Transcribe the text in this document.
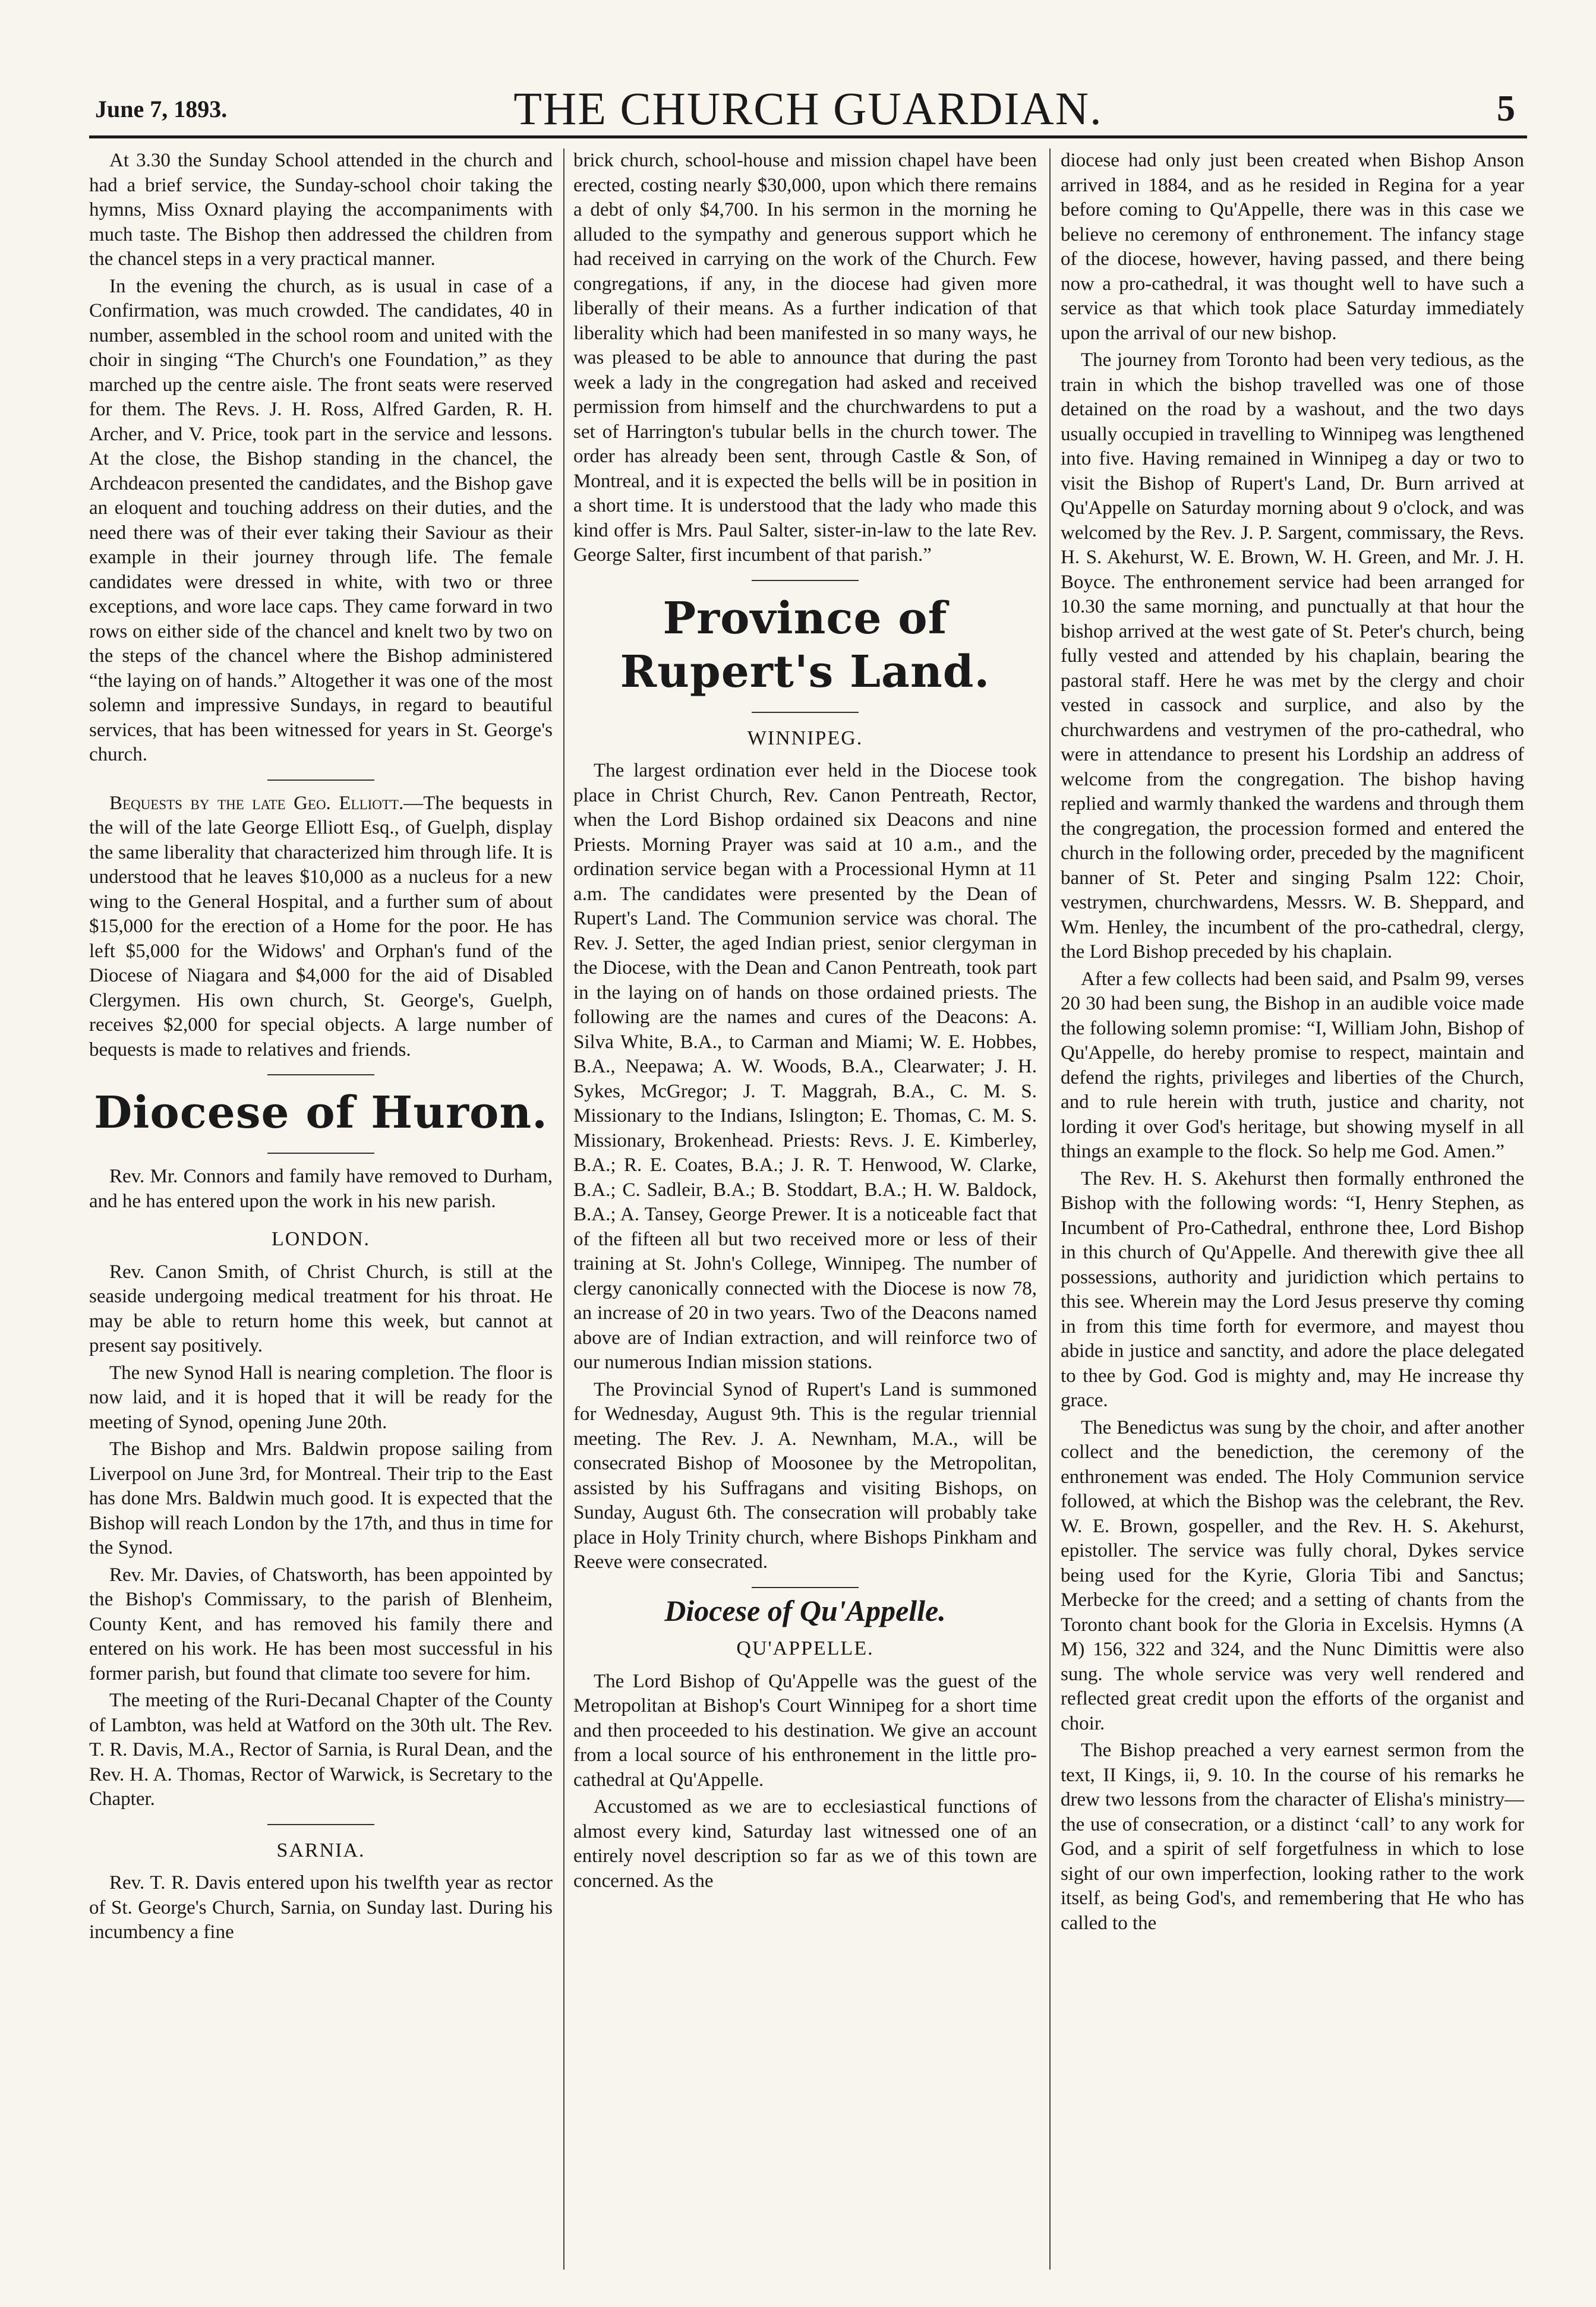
June 7, 1893.	THE CHURCH GUARDIAN.	5

At 3.30 the Sunday School attended in the church and had a brief service, the Sunday-school choir taking the hymns, Miss Oxnard playing the accompaniments with much taste. The Bishop then addressed the children from the chancel steps in a very practical manner.

In the evening the church, as is usual in case of a Confirmation, was much crowded. The candidates, 40 in number, assembled in the school room and united with the choir in singing “The Church's one Foundation,” as they marched up the centre aisle. The front seats were reserved for them. The Revs. J. H. Ross, Alfred Garden, R. H. Archer, and V. Price, took part in the service and lessons. At the close, the Bishop standing in the chancel, the Archdeacon presented the candidates, and the Bishop gave an eloquent and touching address on their duties, and the need there was of their ever taking their Saviour as their example in their journey through life. The female candidates were dressed in white, with two or three exceptions, and wore lace caps. They came forward in two rows on either side of the chancel and knelt two by two on the steps of the chancel where the Bishop administered “the laying on of hands.” Altogether it was one of the most solemn and impressive Sundays, in regard to beautiful services, that has been witnessed for years in St. George's church.

Bequests by the late Geo. Elliott.—The bequests in the will of the late George Elliott Esq., of Guelph, display the same liberality that characterized him through life. It is understood that he leaves $10,000 as a nucleus for a new wing to the General Hospital, and a further sum of about $15,000 for the erection of a Home for the poor. He has left $5,000 for the Widows' and Orphan's fund of the Diocese of Niagara and $4,000 for the aid of Disabled Clergymen. His own church, St. George's, Guelph, receives $2,000 for special objects. A large number of bequests is made to relatives and friends.

Diocese of Huron.

Rev. Mr. Connors and family have removed to Durham, and he has entered upon the work in his new parish.

LONDON.

Rev. Canon Smith, of Christ Church, is still at the seaside undergoing medical treatment for his throat. He may be able to return home this week, but cannot at present say positively.

The new Synod Hall is nearing completion. The floor is now laid, and it is hoped that it will be ready for the meeting of Synod, opening June 20th.

The Bishop and Mrs. Baldwin propose sailing from Liverpool on June 3rd, for Montreal. Their trip to the East has done Mrs. Baldwin much good. It is expected that the Bishop will reach London by the 17th, and thus in time for the Synod.

Rev. Mr. Davies, of Chatsworth, has been appointed by the Bishop's Commissary, to the parish of Blenheim, County Kent, and has removed his family there and entered on his work. He has been most successful in his former parish, but found that climate too severe for him.

The meeting of the Ruri-Decanal Chapter of the County of Lambton, was held at Watford on the 30th ult. The Rev. T. R. Davis, M.A., Rector of Sarnia, is Rural Dean, and the Rev. H. A. Thomas, Rector of Warwick, is Secretary to the Chapter.

SARNIA.

Rev. T. R. Davis entered upon his twelfth year as rector of St. George's Church, Sarnia, on Sunday last. During his incumbency a fine

brick church, school-house and mission chapel have been erected, costing nearly $30,000, upon which there remains a debt of only $4,700. In his sermon in the morning he alluded to the sympathy and generous support which he had received in carrying on the work of the Church. Few congregations, if any, in the diocese had given more liberally of their means. As a further indication of that liberality which had been manifested in so many ways, he was pleased to be able to announce that during the past week a lady in the congregation had asked and received permission from himself and the churchwardens to put a set of Harrington's tubular bells in the church tower. The order has already been sent, through Castle & Son, of Montreal, and it is expected the bells will be in position in a short time. It is understood that the lady who made this kind offer is Mrs. Paul Salter, sister-in-law to the late Rev. George Salter, first incumbent of that parish.”

Province of Rupert's Land.
WINNIPEG.

The largest ordination ever held in the Diocese took place in Christ Church, Rev. Canon Pentreath, Rector, when the Lord Bishop ordained six Deacons and nine Priests. Morning Prayer was said at 10 a.m., and the ordination service began with a Processional Hymn at 11 a.m. The candidates were presented by the Dean of Rupert's Land. The Communion service was choral. The Rev. J. Setter, the aged Indian priest, senior clergyman in the Diocese, with the Dean and Canon Pentreath, took part in the laying on of hands on those ordained priests. The following are the names and cures of the Deacons: A. Silva White, B.A., to Carman and Miami; W. E. Hobbes, B.A., Neepawa; A. W. Woods, B.A., Clearwater; J. H. Sykes, McGregor; J. T. Maggrah, B.A., C. M. S. Missionary to the Indians, Islington; E. Thomas, C. M. S. Missionary, Brokenhead. Priests: Revs. J. E. Kimberley, B.A.; R. E. Coates, B.A.; J. R. T. Henwood, W. Clarke, B.A.; C. Sadleir, B.A.; B. Stoddart, B.A.; H. W. Baldock, B.A.; A. Tansey, George Prewer. It is a noticeable fact that of the fifteen all but two received more or less of their training at St. John's College, Winnipeg. The number of clergy canonically connected with the Diocese is now 78, an increase of 20 in two years. Two of the Deacons named above are of Indian extraction, and will reinforce two of our numerous Indian mission stations.

The Provincial Synod of Rupert's Land is summoned for Wednesday, August 9th. This is the regular triennial meeting. The Rev. J. A. Newnham, M.A., will be consecrated Bishop of Moosonee by the Metropolitan, assisted by his Suffragans and visiting Bishops, on Sunday, August 6th. The consecration will probably take place in Holy Trinity church, where Bishops Pinkham and Reeve were consecrated.

Diocese of Qu'Appelle.
QU'APPELLE.

The Lord Bishop of Qu'Appelle was the guest of the Metropolitan at Bishop's Court Winnipeg for a short time and then proceeded to his destination. We give an account from a local source of his enthronement in the little pro-cathedral at Qu'Appelle.

Accustomed as we are to ecclesiastical functions of almost every kind, Saturday last witnessed one of an entirely novel description so far as we of this town are concerned. As the

diocese had only just been created when Bishop Anson arrived in 1884, and as he resided in Regina for a year before coming to Qu'Appelle, there was in this case we believe no ceremony of enthronement. The infancy stage of the diocese, however, having passed, and there being now a pro-cathedral, it was thought well to have such a service as that which took place Saturday immediately upon the arrival of our new bishop.

The journey from Toronto had been very tedious, as the train in which the bishop travelled was one of those detained on the road by a washout, and the two days usually occupied in travelling to Winnipeg was lengthened into five. Having remained in Winnipeg a day or two to visit the Bishop of Rupert's Land, Dr. Burn arrived at Qu'Appelle on Saturday morning about 9 o'clock, and was welcomed by the Rev. J. P. Sargent, commissary, the Revs. H. S. Akehurst, W. E. Brown, W. H. Green, and Mr. J. H. Boyce. The enthronement service had been arranged for 10.30 the same morning, and punctually at that hour the bishop arrived at the west gate of St. Peter's church, being fully vested and attended by his chaplain, bearing the pastoral staff. Here he was met by the clergy and choir vested in cassock and surplice, and also by the churchwardens and vestrymen of the pro-cathedral, who were in attendance to present his Lordship an address of welcome from the congregation. The bishop having replied and warmly thanked the wardens and through them the congregation, the procession formed and entered the church in the following order, preceded by the magnificent banner of St. Peter and singing Psalm 122: Choir, vestrymen, churchwardens, Messrs. W. B. Sheppard, and Wm. Henley, the incumbent of the pro-cathedral, clergy, the Lord Bishop preceded by his chaplain.

After a few collects had been said, and Psalm 99, verses 20 30 had been sung, the Bishop in an audible voice made the following solemn promise: “I, William John, Bishop of Qu'Appelle, do hereby promise to respect, maintain and defend the rights, privileges and liberties of the Church, and to rule herein with truth, justice and charity, not lording it over God's heritage, but showing myself in all things an example to the flock. So help me God. Amen.”

The Rev. H. S. Akehurst then formally enthroned the Bishop with the following words: “I, Henry Stephen, as Incumbent of Pro-Cathedral, enthrone thee, Lord Bishop in this church of Qu'Appelle. And therewith give thee all possessions, authority and juridiction which pertains to this see. Wherein may the Lord Jesus preserve thy coming in from this time forth for evermore, and mayest thou abide in justice and sanctity, and adore the place delegated to thee by God. God is mighty and, may He increase thy grace.

The Benedictus was sung by the choir, and after another collect and the benediction, the ceremony of the enthronement was ended. The Holy Communion service followed, at which the Bishop was the celebrant, the Rev. W. E. Brown, gospeller, and the Rev. H. S. Akehurst, epistoller. The service was fully choral, Dykes service being used for the Kyrie, Gloria Tibi and Sanctus; Merbecke for the creed; and a setting of chants from the Toronto chant book for the Gloria in Excelsis. Hymns (A M) 156, 322 and 324, and the Nunc Dimittis were also sung. The whole service was very well rendered and reflected great credit upon the efforts of the organist and choir.

The Bishop preached a very earnest sermon from the text, II Kings, ii, 9. 10. In the course of his remarks he drew two lessons from the character of Elisha's ministry—the use of consecration, or a distinct ‘call’ to any work for God, and a spirit of self forgetfulness in which to lose sight of our own imperfection, looking rather to the work itself, as being God's, and remembering that He who has called to the
